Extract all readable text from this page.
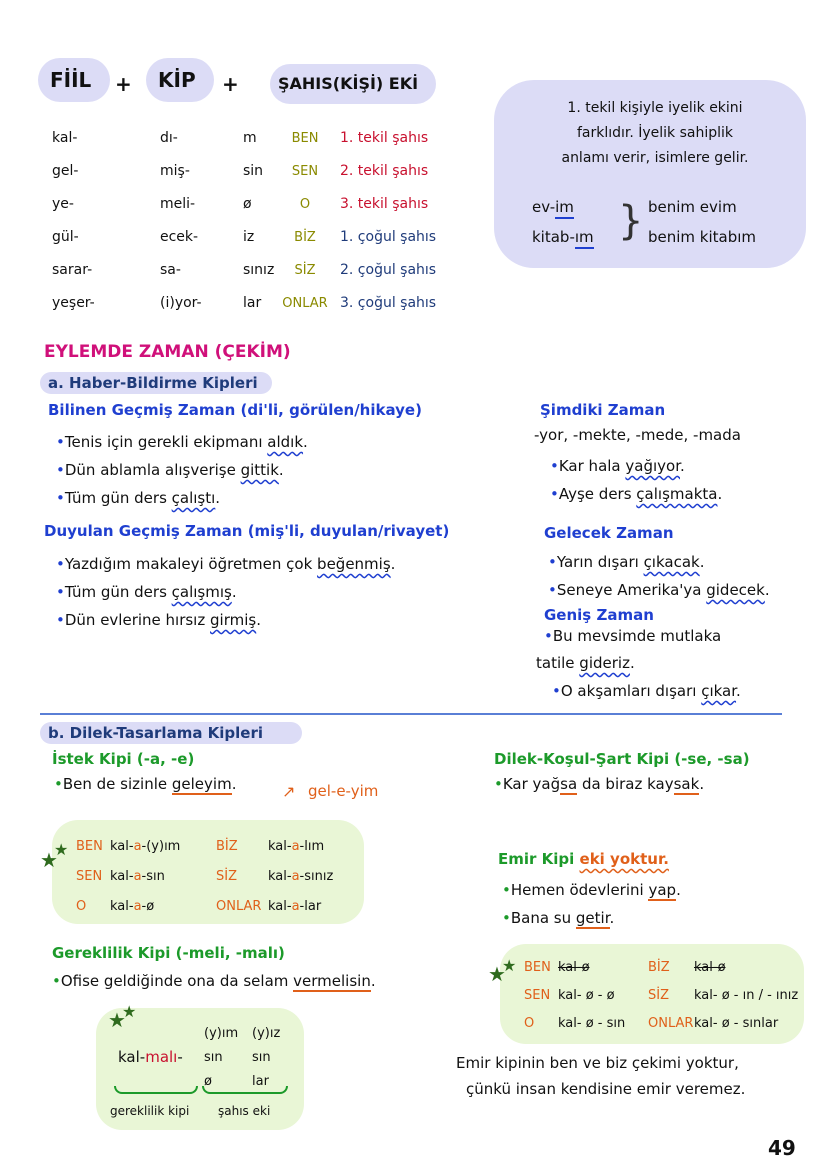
FİİL + KİP + ŞAHIS(KİŞİ) EKİ
kal-
gel-
ye-
gül-
sarar-
yeşer-
dı-
miş-
meli-
ecek-
sa-
(i)yor-
m
sin
ø
iz
sınız
lar
BEN
SEN
O
BİZ
SİZ
ONLAR
1. tekil şahıs
2. tekil şahıs
3. tekil şahıs
1. çoğul şahıs
2. çoğul şahıs
3. çoğul şahıs
1. tekil kişiyle iyelik ekini
farklıdır. İyelik sahiplik
anlamı verir, isimlere gelir.
ev-im
kitab-ım } benim evim
benim kitabım
EYLEMDE ZAMAN (ÇEKİM)
a. Haber-Bildirme Kipleri
Bilinen Geçmiş Zaman (di'li, görülen/hikaye)
•Tenis için gerekli ekipmanı aldık.
•Dün ablamla alışverişe gittik.
•Tüm gün ders çalıştı.
Duyulan Geçmiş Zaman (miş'li, duyulan/rivayet)
•Yazdığım makaleyi öğretmen çok beğenmiş.
•Tüm gün ders çalışmış.
•Dün evlerine hırsız girmiş.
Şimdiki Zaman
-yor, -mekte, -mede, -mada
•Kar hala yağıyor.
•Ayşe ders çalışmakta.
Gelecek Zaman
•Yarın dışarı çıkacak.
•Seneye Amerika'ya gidecek.
Geniş Zaman
•Bu mevsimde mutlaka
tatile gideriz.
•O akşamları dışarı çıkar.
b. Dilek-Tasarlama Kipleri
İstek Kipi (-a, -e)
•Ben de sizinle geleyim.	↗ gel-e-yim
★
★ BEN kal-a-(y)ım
SEN kal-a-sın
O kal-a-ø
BİZ kal-a-lım
SİZ kal-a-sınız
ONLAR kal-a-lar
Gereklilik Kipi (-meli, -malı)
•Ofise geldiğinde ona da selam vermelisin.
★
★
kal-malı-
(y)ım
sın
ø
(y)ız
sın
lar
gereklilik kipi şahıs eki
Dilek-Koşul-Şart Kipi (-se, -sa)
•Kar yağsa da biraz kaysak.
Emir Kipi eki yoktur.
•Hemen ödevlerini yap.
•Bana su getir.
★
★ BEN kal-ø
SEN kal- ø - ø
O kal- ø - sın
BİZ kal-ø
SİZ kal- ø - ın / - ınız
ONLARkal- ø - sınlar
Emir kipinin ben ve biz çekimi yoktur,
çünkü insan kendisine emir veremez.
49
